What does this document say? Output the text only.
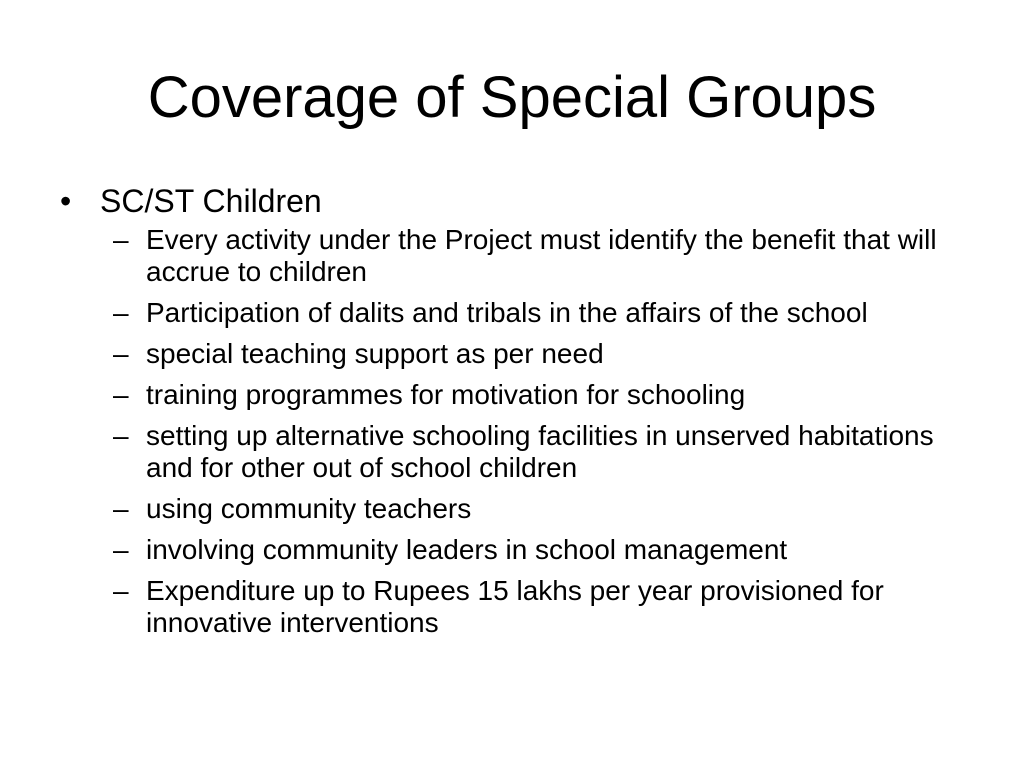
Coverage of Special Groups
• SC/ST Children
– Every activity under the Project must identify the benefit that will accrue to children
– Participation of dalits and tribals in the affairs of the school
– special teaching support as per need
– training programmes for motivation for schooling
– setting up alternative schooling facilities in unserved habitations and for other out of school children
– using community teachers
– involving community leaders in school management
– Expenditure up to Rupees 15 lakhs per year provisioned for innovative interventions
